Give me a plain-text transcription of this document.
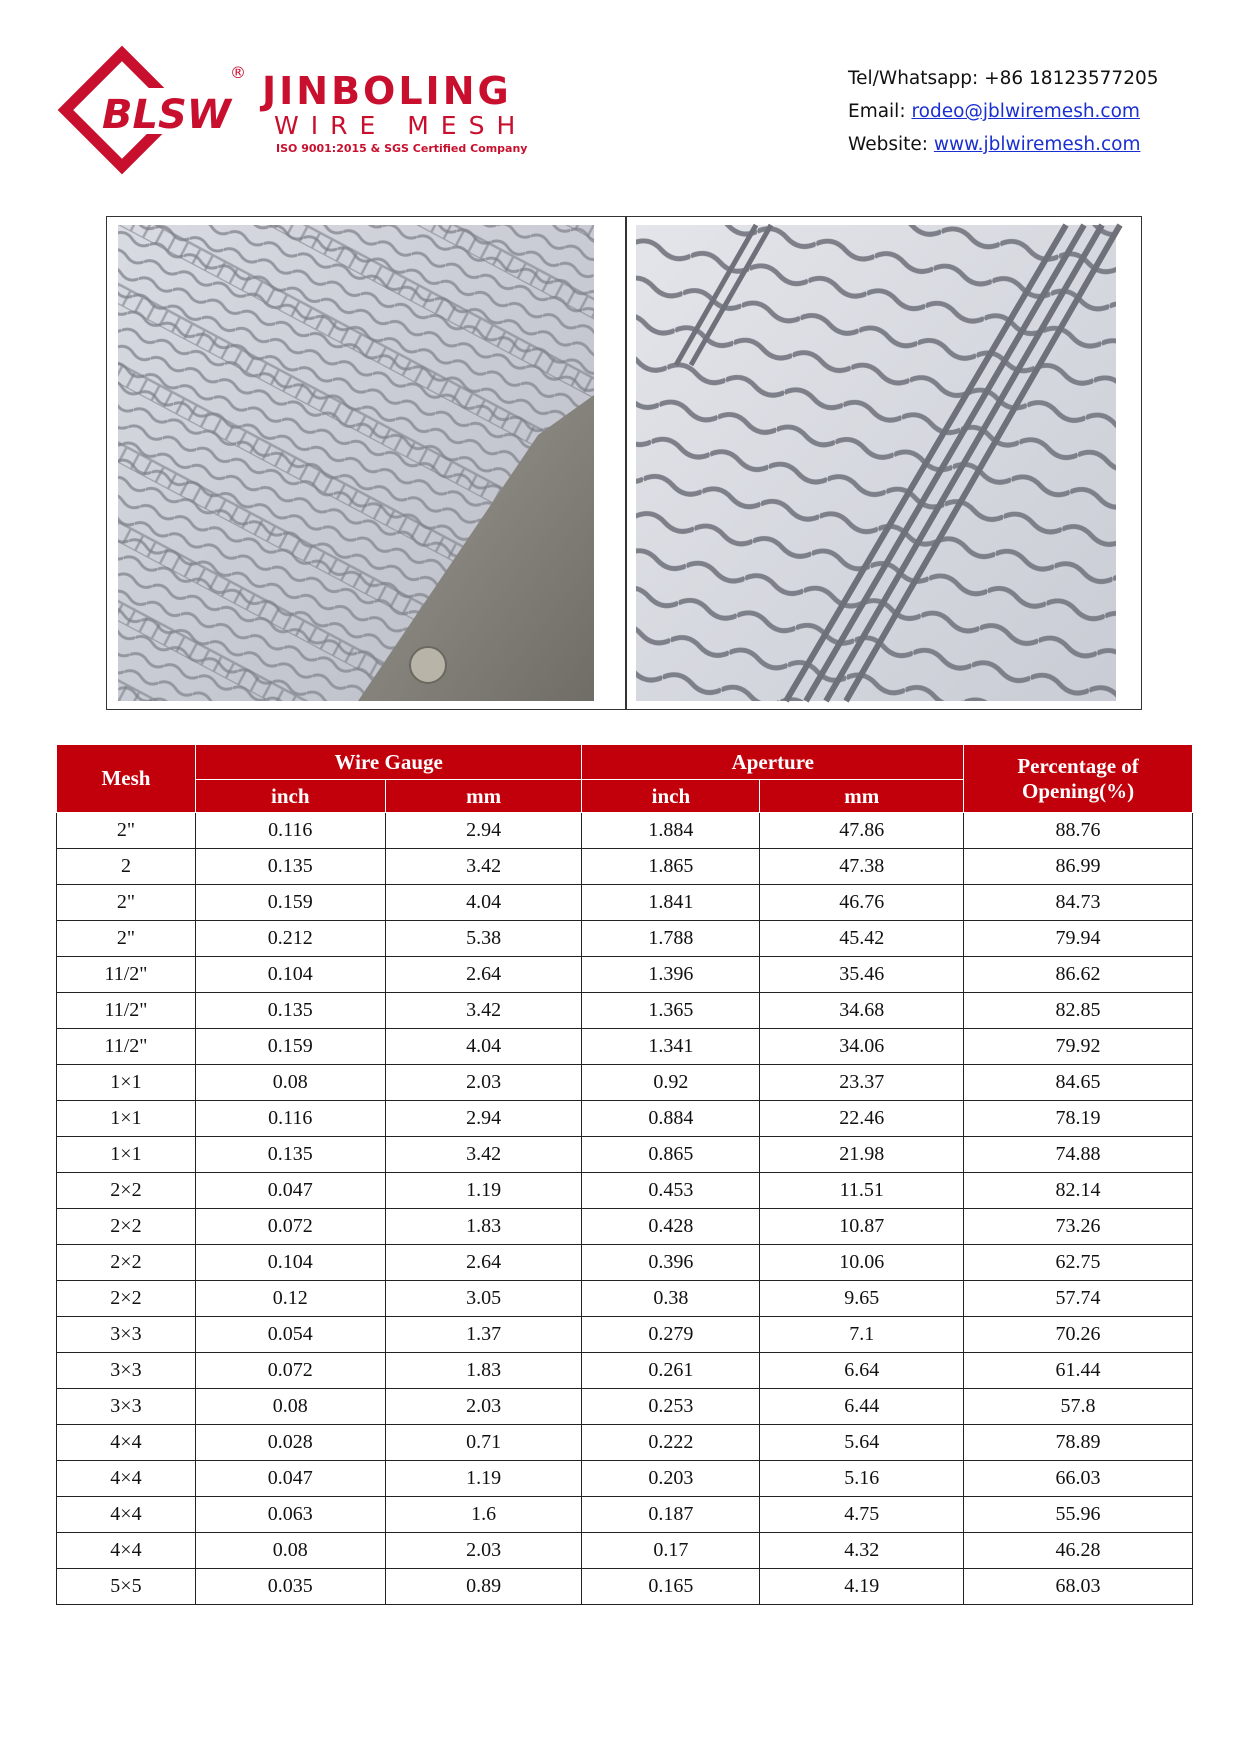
BLSW
® JINBOLING
WIRE MESH
ISO 9001:2015 & SGS Certified Company
Tel/Whatsapp: +86 18123577205
Email: rodeo@jblwiremesh.com
Website: www.jblwiremesh.com
Mesh	Wire Gauge		Aperture		Percentage of Opening(%)
	inch	mm	inch	mm	
2"	0.116	2.94	1.884	47.86	88.76
2	0.135	3.42	1.865	47.38	86.99
2"	0.159	4.04	1.841	46.76	84.73
2"	0.212	5.38	1.788	45.42	79.94
11/2"	0.104	2.64	1.396	35.46	86.62
11/2"	0.135	3.42	1.365	34.68	82.85
11/2"	0.159	4.04	1.341	34.06	79.92
1×1	0.08	2.03	0.92	23.37	84.65
1×1	0.116	2.94	0.884	22.46	78.19
1×1	0.135	3.42	0.865	21.98	74.88
2×2	0.047	1.19	0.453	11.51	82.14
2×2	0.072	1.83	0.428	10.87	73.26
2×2	0.104	2.64	0.396	10.06	62.75
2×2	0.12	3.05	0.38	9.65	57.74
3×3	0.054	1.37	0.279	7.1	70.26
3×3	0.072	1.83	0.261	6.64	61.44
3×3	0.08	2.03	0.253	6.44	57.8
4×4	0.028	0.71	0.222	5.64	78.89
4×4	0.047	1.19	0.203	5.16	66.03
4×4	0.063	1.6	0.187	4.75	55.96
4×4	0.08	2.03	0.17	4.32	46.28
5×5	0.035	0.89	0.165	4.19	68.03
